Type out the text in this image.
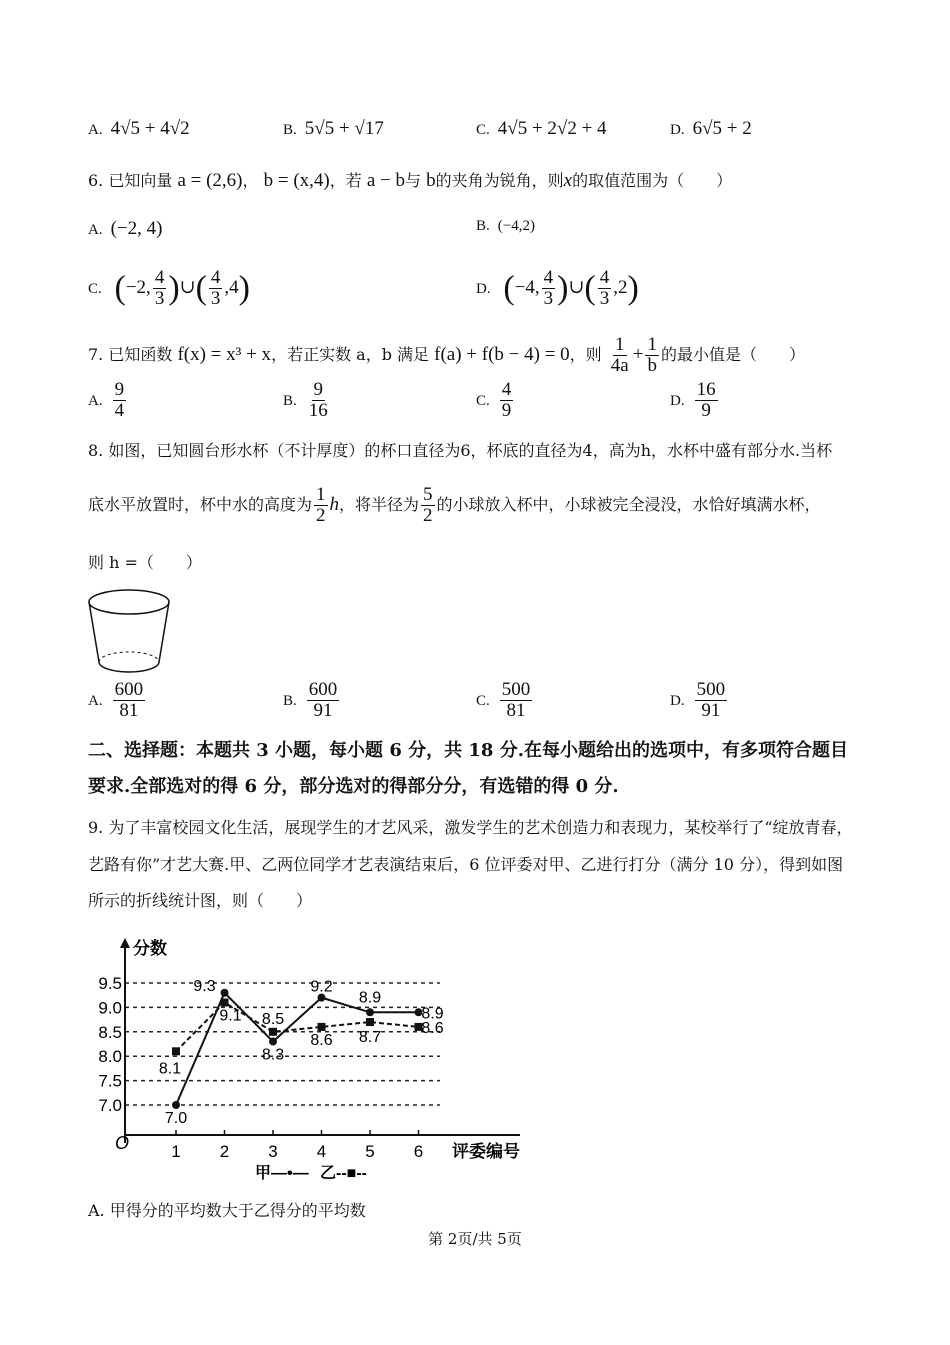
A. 4√5 + 4√2	B. 5√5 + √17	C. 4√5 + 2√2 + 4	D. 6√5 + 2
6. 已知向量 a = (2,6)， b = (x,4)，若 a − b与 b的夹角为锐角，则x的取值范围为（　　）
A. (−2, 4)	B. (−4,2)
C. (−2, $\frac{4}{3}$ )∪( $\frac{4}{3} ,4$)	D. (−4, $\frac{4}{3}$ )∪( $\frac{4}{3} ,2$)
7. 已知函数 f(x) = x³ + x，若正实数 a，b 满足 f(a) + f(b − 4) = 0，则 $\frac{1}{4a} + \frac{1}{b}$ 的最小值是（　　）
A. $\frac{9}{4}$	B. $\frac{9}{16}$	C. $\frac{4}{9}$	D. $\frac{16}{9}$
8. 如图，已知圆台形水杯（不计厚度）的杯口直径为6，杯底的直径为4，高为h，水杯中盛有部分水.当杯
底水平放置时，杯中水的高度为 $\frac{1}{2}$ h，将半径为 $\frac{5}{2}$ 的小球放入杯中，小球被完全浸没，水恰好填满水杯，
则 h =（　　）
A. $\frac{600}{81}$	B. $\frac{600}{91}$	C. $\frac{500}{81}$	D. $\frac{500}{91}$
二、选择题：本题共 3 小题，每小题 6 分，共 18 分.在每小题给出的选项中，有多项符合题目
要求.全部选对的得 6 分，部分选对的得部分分，有选错的得 0 分.
9. 为了丰富校园文化生活，展现学生的才艺风采，激发学生的艺术创造力和表现力，某校举行了“绽放青春，
艺路有你”才艺大赛.甲、乙两位同学才艺表演结束后，6 位评委对甲、乙进行打分（满分 10 分），得到如图
所示的折线统计图，则（　　）
分数
O	评委编号
7.0
7.5
8.0
8.5
9.0
9.5
1 2 3 4 5 6
7.0
9.3
8.3
9.2
8.9
8.9
8.1
9.1 8.5
8.6 8.7
8.6
甲—•— 乙--■--
A. 甲得分的平均数大于乙得分的平均数
第 2页/共 5页
